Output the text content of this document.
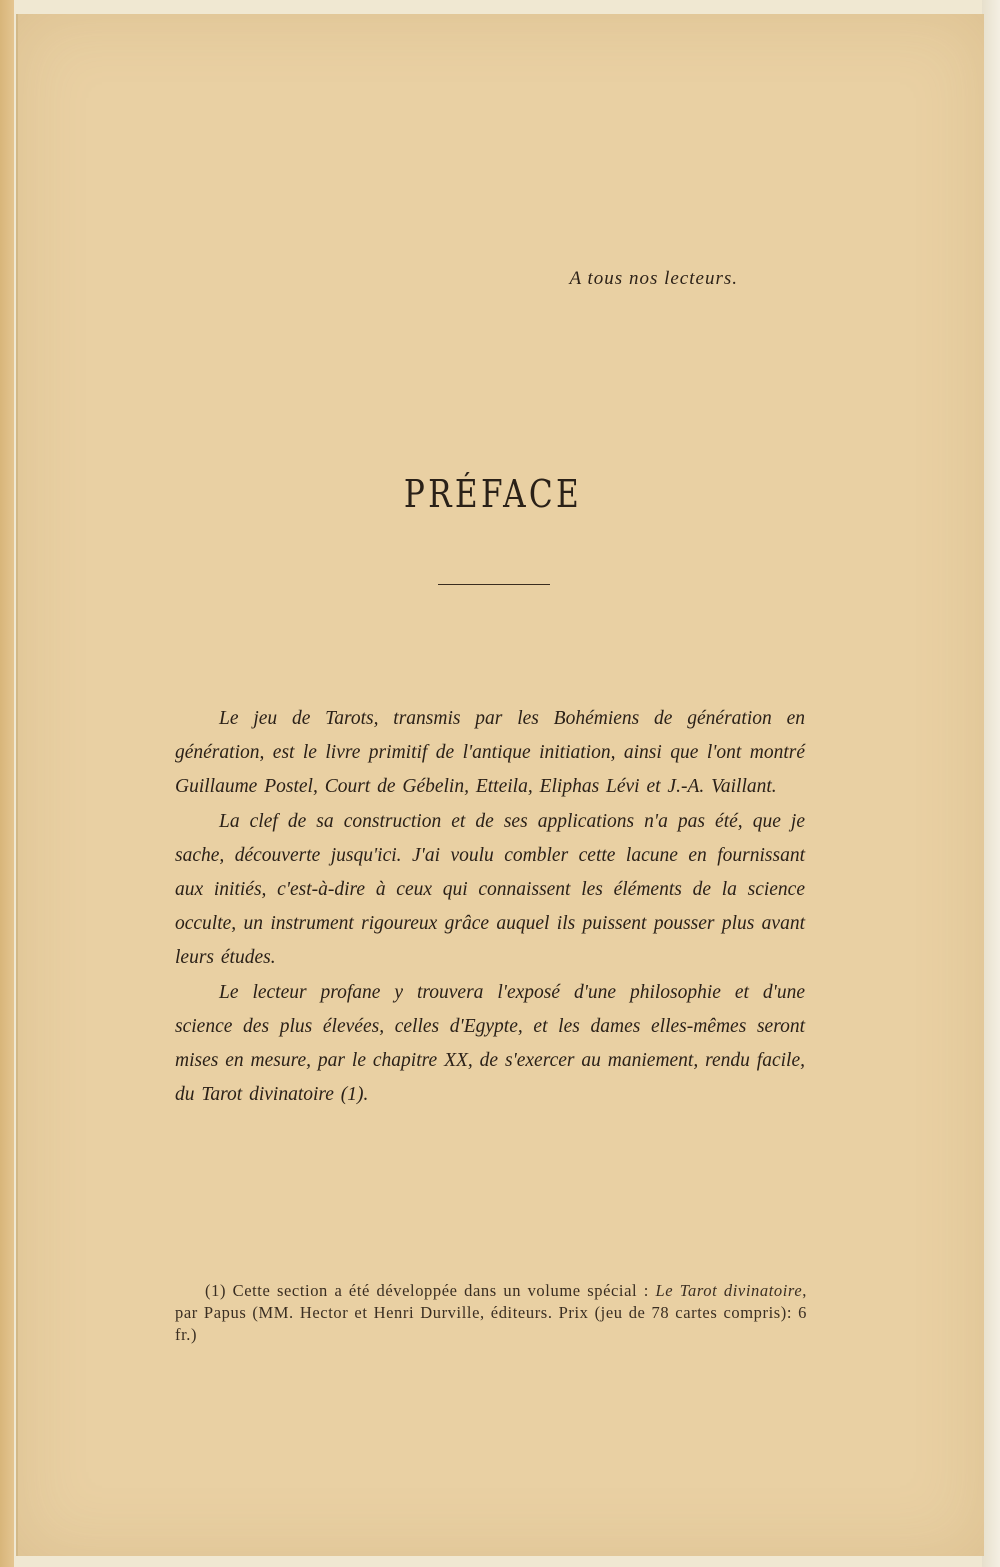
A tous nos lecteurs.

PRÉFACE

Le jeu de Tarots, transmis par les Bohémiens de génération en génération, est le livre primitif de l'antique initiation, ainsi que l'ont montré Guillaume Postel, Court de Gébelin, Etteila, Eliphas Lévi et J.-A. Vaillant.

La clef de sa construction et de ses applications n'a pas été, que je sache, découverte jusqu'ici. J'ai voulu combler cette lacune en fournissant aux initiés, c'est-à-dire à ceux qui connaissent les éléments de la science occulte, un instrument rigoureux grâce auquel ils puissent pousser plus avant leurs études.

Le lecteur profane y trouvera l'exposé d'une philosophie et d'une science des plus élevées, celles d'Egypte, et les dames elles-mêmes seront mises en mesure, par le chapitre XX, de s'exercer au maniement, rendu facile, du Tarot divinatoire (1).

(1) Cette section a été développée dans un volume spécial : Le Tarot divinatoire, par Papus (MM. Hector et Henri Durville, éditeurs. Prix (jeu de 78 cartes compris): 6 fr.)
